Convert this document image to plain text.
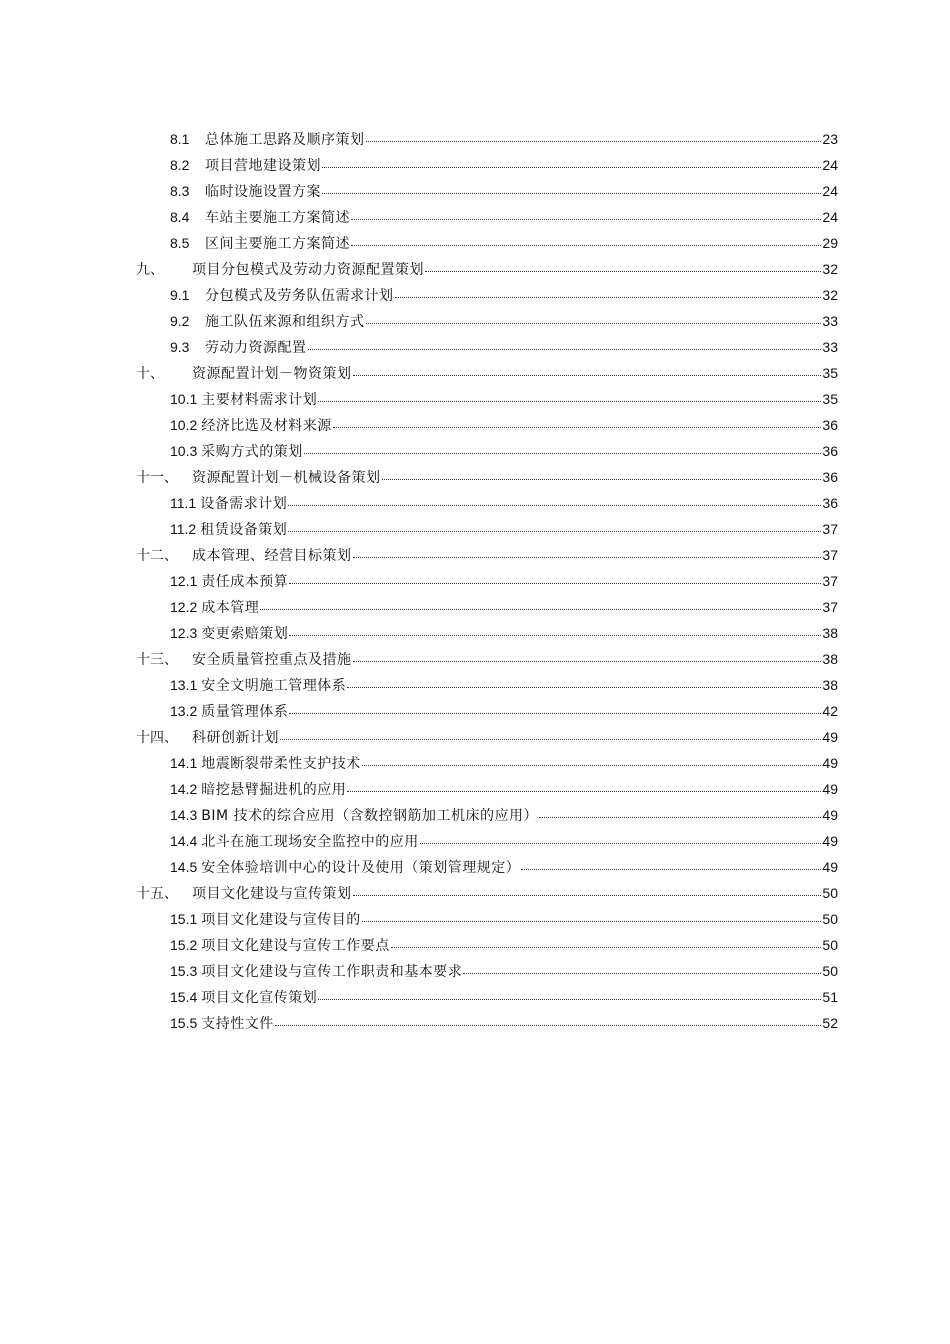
8.1	总体施工思路及顺序策划	23
8.2	项目营地建设策划	24
8.3	临时设施设置方案	24
8.4	车站主要施工方案简述	24
8.5	区间主要施工方案简述	29
九、	项目分包模式及劳动力资源配置策划	32
9.1	分包模式及劳务队伍需求计划	32
9.2	施工队伍来源和组织方式	33
9.3	劳动力资源配置	33
十、	资源配置计划－物资策划	35
10.1 主要材料需求计划	35
10.2 经济比选及材料来源	36
10.3 采购方式的策划	36
十一、	资源配置计划－机械设备策划	36
11.1 设备需求计划	36
11.2 租赁设备策划	37
十二、	成本管理、经营目标策划	37
12.1 责任成本预算	37
12.2 成本管理	37
12.3 变更索赔策划	38
十三、	安全质量管控重点及措施	38
13.1 安全文明施工管理体系	38
13.2 质量管理体系	42
十四、	科研创新计划	49
14.1 地震断裂带柔性支护技术	49
14.2 暗挖悬臂掘进机的应用	49
14.3 BIM 技术的综合应用（含数控钢筋加工机床的应用）	49
14.4 北斗在施工现场安全监控中的应用	49
14.5 安全体验培训中心的设计及使用（策划管理规定）	49
十五、	项目文化建设与宣传策划	50
15.1 项目文化建设与宣传目的	50
15.2 项目文化建设与宣传工作要点	50
15.3 项目文化建设与宣传工作职责和基本要求	50
15.4 项目文化宣传策划	51
15.5 支持性文件	52
